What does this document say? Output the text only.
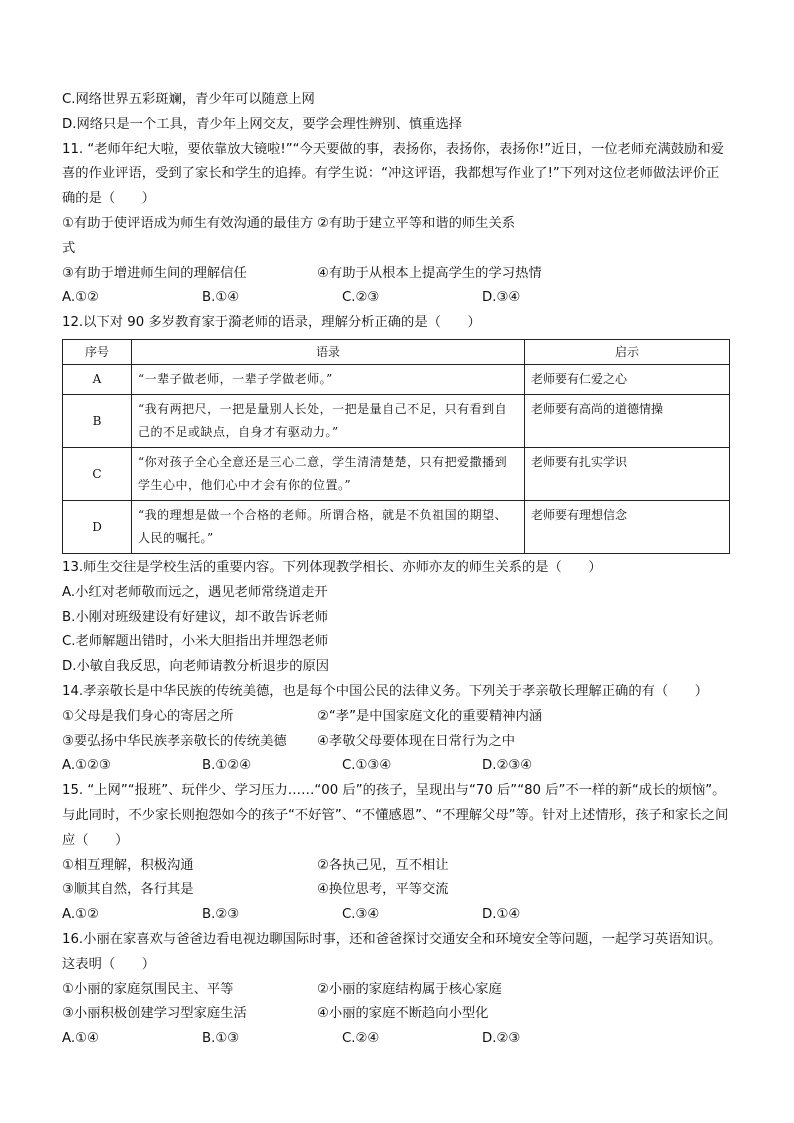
C.网络世界五彩斑斓，青少年可以随意上网
D.网络只是一个工具，青少年上网交友，要学会理性辨别、慎重选择
11. “老师年纪大啦，要依靠放大镜啦!”“今天要做的事，表扬你，表扬你，表扬你!”近日，一位老师充满鼓励和爱喜的作业评语，受到了家长和学生的追捧。有学生说：“冲这评语，我都想写作业了!”下列对这位老师做法评价正确的是（　　）
①有助于使评语成为师生有效沟通的最佳方式
②有助于建立平等和谐的师生关系
③有助于增进师生间的理解信任	④有助于从根本上提高学生的学习热情
A.①②	B.①④	C.②③	D.③④
12.以下对 90 多岁教育家于漪老师的语录，理解分析正确的是（　　）
序号	语录	启示
A	“一辈子做老师，一辈子学做老师。”	老师要有仁爱之心
B	“我有两把尺，一把是量别人长处，一把是量自己不足，只有看到自己的不足或缺点，自身才有驱动力。”	老师要有高尚的道德情操
C	“你对孩子全心全意还是三心二意，学生清清楚楚，只有把爱撒播到学生心中，他们心中才会有你的位置。”	老师要有扎实学识
D	“我的理想是做一个合格的老师。所谓合格，就是不负祖国的期望、人民的嘱托。”	老师要有理想信念
13.师生交往是学校生活的重要内容。下列体现教学相长、亦师亦友的师生关系的是（　　）
A.小红对老师敬而远之，遇见老师常绕道走开
B.小刚对班级建设有好建议，却不敢告诉老师
C.老师解题出错时，小米大胆指出并埋怨老师
D.小敏自我反思，向老师请教分析退步的原因
14.孝亲敬长是中华民族的传统美德，也是每个中国公民的法律义务。下列关于孝亲敬长理解正确的有（　　）
①父母是我们身心的寄居之所	②“孝”是中国家庭文化的重要精神内涵
③要弘扬中华民族孝亲敬长的传统美德	④孝敬父母要体现在日常行为之中
A.①②③	B.①②④	C.①③④	D.②③④
15. “上网”“报班”、玩伴少、学习压力……“00 后”的孩子，呈现出与“70 后”“80 后”不一样的新“成长的烦恼”。与此同时，不少家长则抱怨如今的孩子“不好管”、“不懂感恩”、“不理解父母”等。针对上述情形，孩子和家长之间应（　　）
①相互理解，积极沟通	②各执己见，互不相让
③顺其自然，各行其是	④换位思考，平等交流
A.①②	B.②③	C.③④	D.①④
16.小丽在家喜欢与爸爸边看电视边聊国际时事，还和爸爸探讨交通安全和环境安全等问题，一起学习英语知识。这表明（　　）
①小丽的家庭氛围民主、平等	②小丽的家庭结构属于核心家庭
③小丽积极创建学习型家庭生活	④小丽的家庭不断趋向小型化
A.①④	B.①③	C.②④	D.②③
